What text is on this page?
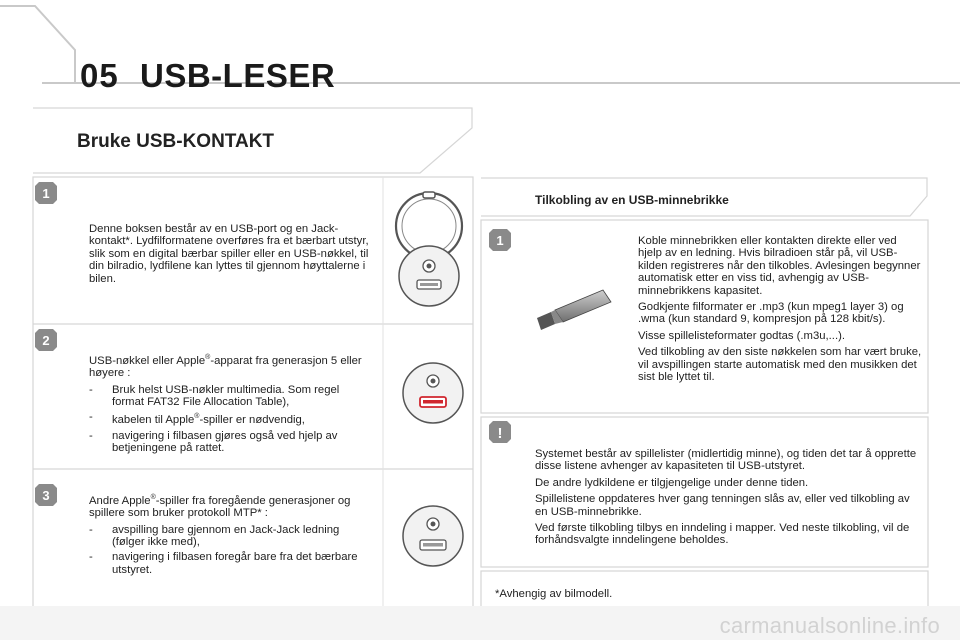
05 USB-LESER
Bruke USB-KONTAKT
1
2
3

Denne boksen består av en USB-port og en Jack-kontakt*. Lydfilformatene overføres fra et bærbart utstyr, slik som en digital bærbar spiller eller en USB-nøkkel, til din bilradio, lydfilene kan lyttes til gjennom høyttalerne i bilen.

USB-nøkkel eller Apple®-apparat fra generasjon 5 eller høyere :

-	Bruk helst USB-nøkler multimedia. Som regel format FAT32 File Allocation Table),
-	kabelen til Apple®-spiller er nødvendig,
-	navigering i filbasen gjøres også ved hjelp av betjeningene på rattet.

Andre Apple®-spiller fra foregående generasjoner og spillere som bruker protokoll MTP* :

-	avspilling bare gjennom en Jack-Jack ledning (følger ikke med),
-	navigering i filbasen foregår bare fra det bærbare utstyret.
Tilkobling av en USB-minnebrikke
1	Koble minnebrikken eller kontakten direkte eller ved hjelp av en ledning. Hvis bilradioen står på, vil USB-kilden registreres når den tilkobles. Avlesingen begynner automatisk etter en viss tid, avhengig av USB-minnebrikkens kapasitet.

Godkjente filformater er .mp3 (kun mpeg1 layer 3) og .wma (kun standard 9, kompresjon på 128 kbit/s).

Visse spillelisteformater godtas (.m3u,...).

Ved tilkobling av den siste nøkkelen som har vært bruke, vil avspillingen starte automatisk med den musikken det sist ble lyttet til.

!

Systemet består av spillelister (midlertidig minne), og tiden det tar å opprette disse listene avhenger av kapasiteten til USB-utstyret.

De andre lydkildene er tilgjengelige under denne tiden.

Spillelistene oppdateres hver gang tenningen slås av, eller ved tilkobling av en USB-minnebrikke.

Ved første tilkobling tilbys en inndeling i mapper. Ved neste tilkobling, vil de forhåndsvalgte inndelingene beholdes.

*Avhengig av bilmodell.
carmanualsonline.info
